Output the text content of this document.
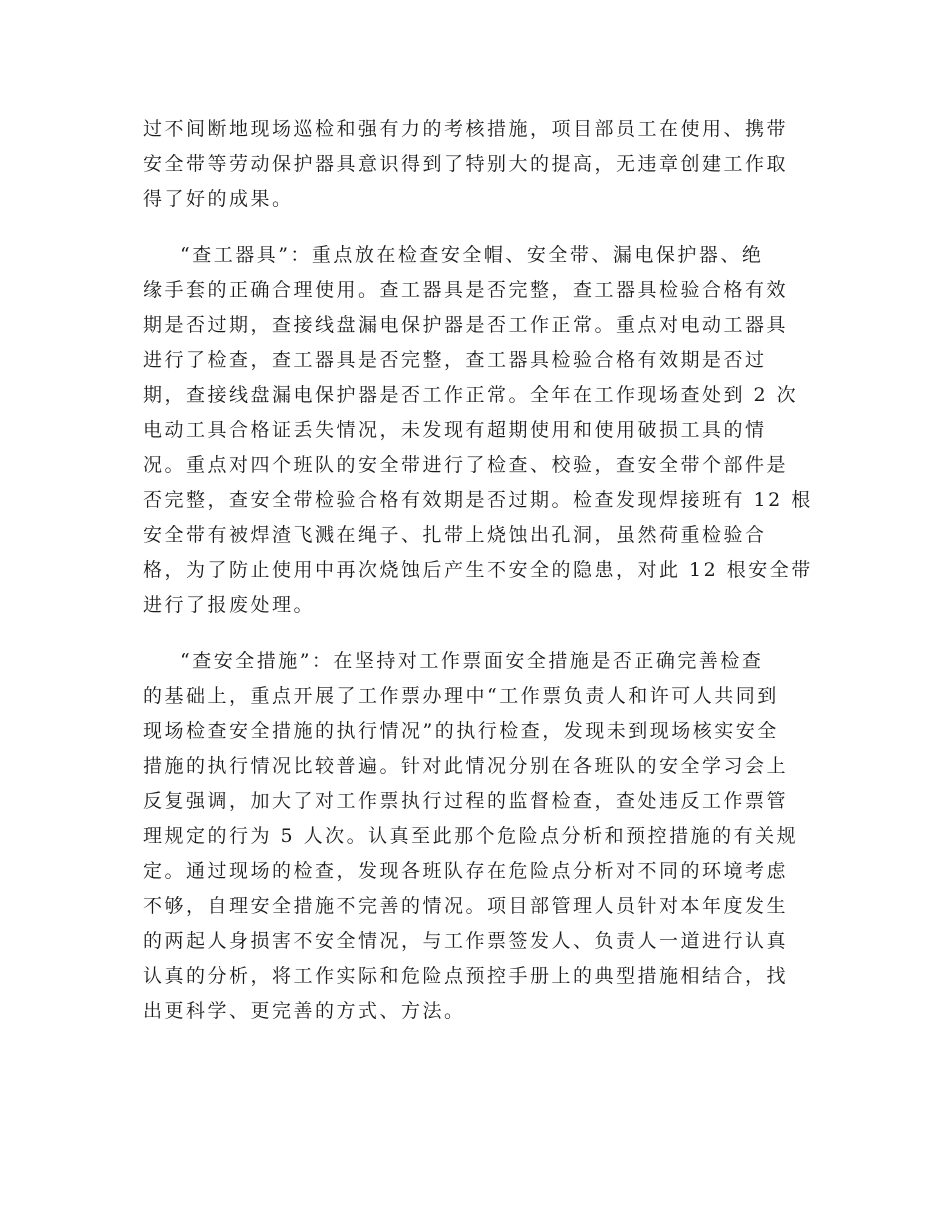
过不间断地现场巡检和强有力的考核措施，项目部员工在使用、携带
安全带等劳动保护器具意识得到了特别大的提高，无违章创建工作取
得了好的成果。
“查工器具”：重点放在检查安全帽、安全带、漏电保护器、绝
缘手套的正确合理使用。查工器具是否完整，查工器具检验合格有效
期是否过期，查接线盘漏电保护器是否工作正常。重点对电动工器具
进行了检查，查工器具是否完整，查工器具检验合格有效期是否过
期，查接线盘漏电保护器是否工作正常。全年在工作现场查处到 2 次
电动工具合格证丢失情况，未发现有超期使用和使用破损工具的情
况。重点对四个班队的安全带进行了检查、校验，查安全带个部件是
否完整，查安全带检验合格有效期是否过期。检查发现焊接班有 12 根
安全带有被焊渣飞溅在绳子、扎带上烧蚀出孔洞，虽然荷重检验合
格，为了防止使用中再次烧蚀后产生不安全的隐患，对此 12 根安全带
进行了报废处理。
“查安全措施”：在坚持对工作票面安全措施是否正确完善检查
的基础上，重点开展了工作票办理中“工作票负责人和许可人共同到
现场检查安全措施的执行情况”的执行检查，发现未到现场核实安全
措施的执行情况比较普遍。针对此情况分别在各班队的安全学习会上
反复强调，加大了对工作票执行过程的监督检查，查处违反工作票管
理规定的行为 5 人次。认真至此那个危险点分析和预控措施的有关规
定。通过现场的检查，发现各班队存在危险点分析对不同的环境考虑
不够，自理安全措施不完善的情况。项目部管理人员针对本年度发生
的两起人身损害不安全情况，与工作票签发人、负责人一道进行认真
认真的分析，将工作实际和危险点预控手册上的典型措施相结合，找
出更科学、更完善的方式、方法。
